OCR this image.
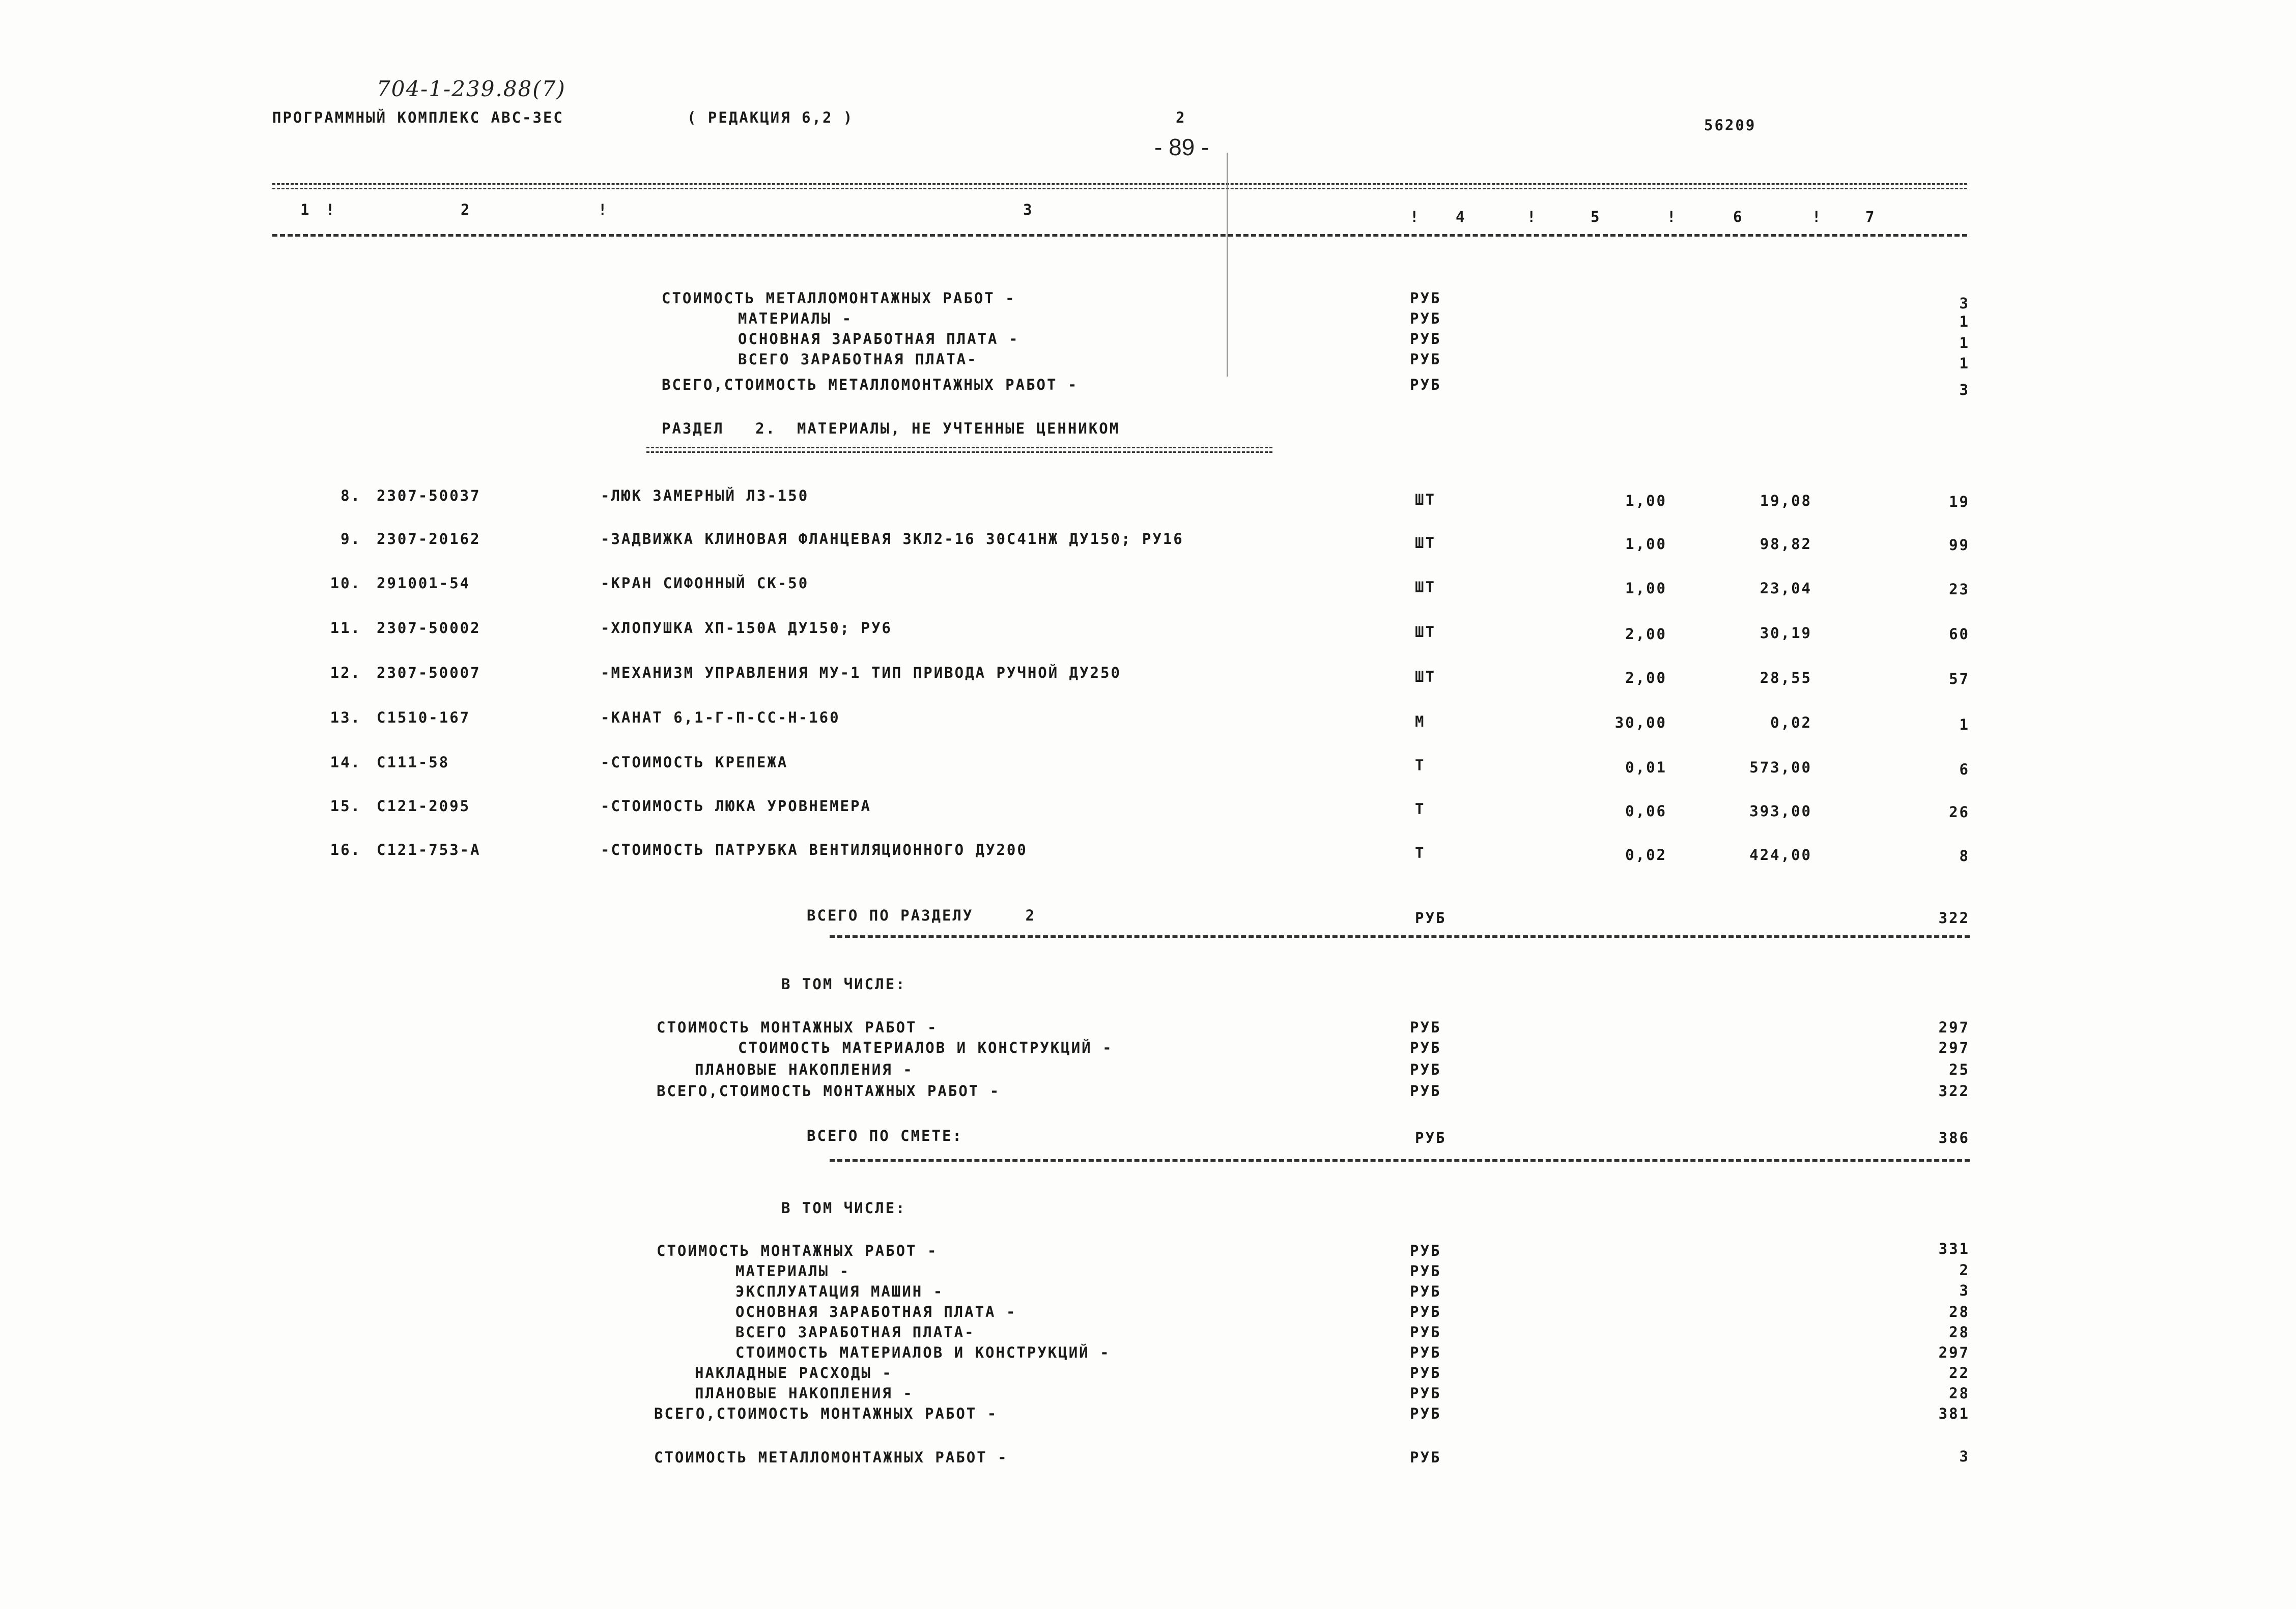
704-1-239.88(7)
ПРОГРАММНЫЙ КОМПЛЕКС АВС-3ЕС	( РЕДАКЦИЯ 6,2 )	2
- 89 -
56209
1 !	2	!	3	! 4	!	5	!	6	!	7
СТОИМОСТЬ МЕТАЛЛОМОНТАЖНЫХ РАБОТ -	РУБ	3
МАТЕРИАЛЫ -	РУБ	1
ОСНОВНАЯ ЗАРАБОТНАЯ ПЛАТА -	РУБ	1
ВСЕГО ЗАРАБОТНАЯ ПЛАТА-	РУБ	1
ВСЕГО,СТОИМОСТЬ МЕТАЛЛОМОНТАЖНЫХ РАБОТ -	РУБ	3
РАЗДЕЛ   2.  МАТЕРИАЛЫ, НЕ УЧТЕННЫЕ ЦЕННИКОМ
8. 2307-50037	-ЛЮК ЗАМЕРНЫЙ ЛЗ-150	ШТ	1,00	19,08	19
9. 2307-20162	-ЗАДВИЖКА КЛИНОВАЯ ФЛАНЦЕВАЯ ЗКЛ2-16 30С41НЖ ДУ150; РУ16	ШТ	1,00	98,82	99
10. 291001-54	-КРАН СИФОННЫЙ СК-50	ШТ	1,00	23,04	23
11. 2307-50002	-ХЛОПУШКА ХП-150А ДУ150; РУ6	ШТ	2,00	30,19	60
12. 2307-50007	-МЕХАНИЗМ УПРАВЛЕНИЯ МУ-1 ТИП ПРИВОДА РУЧНОЙ ДУ250	ШТ	2,00	28,55	57
13. С1510-167	-КАНАТ 6,1-Г-П-СС-Н-160	М	30,00	0,02	1
14. С111-58	-СТОИМОСТЬ КРЕПЕЖА	Т	0,01	573,00	6
15. С121-2095	-СТОИМОСТЬ ЛЮКА УРОВНЕМЕРА	Т	0,06	393,00	26
16. С121-753-А	-СТОИМОСТЬ ПАТРУБКА ВЕНТИЛЯЦИОННОГО ДУ200	Т	0,02	424,00	8
ВСЕГО ПО РАЗДЕЛУ     2	РУБ	322
В ТОМ ЧИСЛЕ:
СТОИМОСТЬ МОНТАЖНЫХ РАБОТ -	РУБ	297
СТОИМОСТЬ МАТЕРИАЛОВ И КОНСТРУКЦИЙ -	РУБ	297
ПЛАНОВЫЕ НАКОПЛЕНИЯ -	РУБ	25
ВСЕГО,СТОИМОСТЬ МОНТАЖНЫХ РАБОТ -	РУБ	322
ВСЕГО ПО СМЕТЕ:	РУБ	386
В ТОМ ЧИСЛЕ:
СТОИМОСТЬ МОНТАЖНЫХ РАБОТ -	РУБ	331
МАТЕРИАЛЫ -	РУБ	2
ЭКСПЛУАТАЦИЯ МАШИН -	РУБ	3
ОСНОВНАЯ ЗАРАБОТНАЯ ПЛАТА -	РУБ	28
ВСЕГО ЗАРАБОТНАЯ ПЛАТА-	РУБ	28
СТОИМОСТЬ МАТЕРИАЛОВ И КОНСТРУКЦИЙ -	РУБ	297
НАКЛАДНЫЕ РАСХОДЫ -	РУБ	22
ПЛАНОВЫЕ НАКОПЛЕНИЯ -	РУБ	28
ВСЕГО,СТОИМОСТЬ МОНТАЖНЫХ РАБОТ -	РУБ	381
СТОИМОСТЬ МЕТАЛЛОМОНТАЖНЫХ РАБОТ -	РУБ	3
